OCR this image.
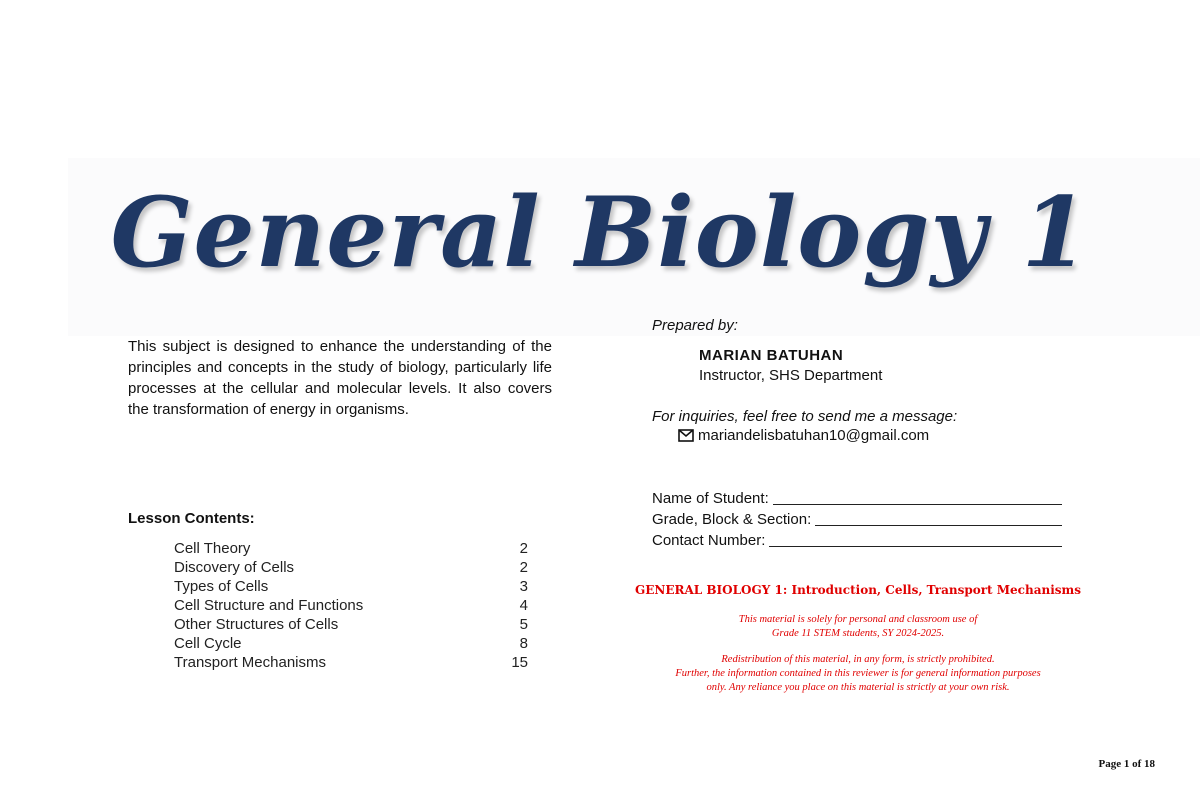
General Biology 1
This subject is designed to enhance the understanding of the principles and concepts in the study of biology, particularly life processes at the cellular and molecular levels. It also covers the transformation of energy in organisms.
Lesson Contents:
Cell Theory	2
Discovery of Cells	2
Types of Cells	3
Cell Structure and Functions	4
Other Structures of Cells	5
Cell Cycle	8
Transport Mechanisms	15
Prepared by:
MARIAN BATUHAN
Instructor, SHS Department
For inquiries, feel free to send me a message:
mariandelisbatuhan10@gmail.com
Name of Student:
Grade, Block & Section:
Contact Number:
GENERAL BIOLOGY 1: Introduction, Cells, Transport Mechanisms
This material is solely for personal and classroom use of
Grade 11 STEM students, SY 2024-2025.
Redistribution of this material, in any form, is strictly prohibited.
Further, the information contained in this reviewer is for general information purposes
only. Any reliance you place on this material is strictly at your own risk.
Page 1 of 18
